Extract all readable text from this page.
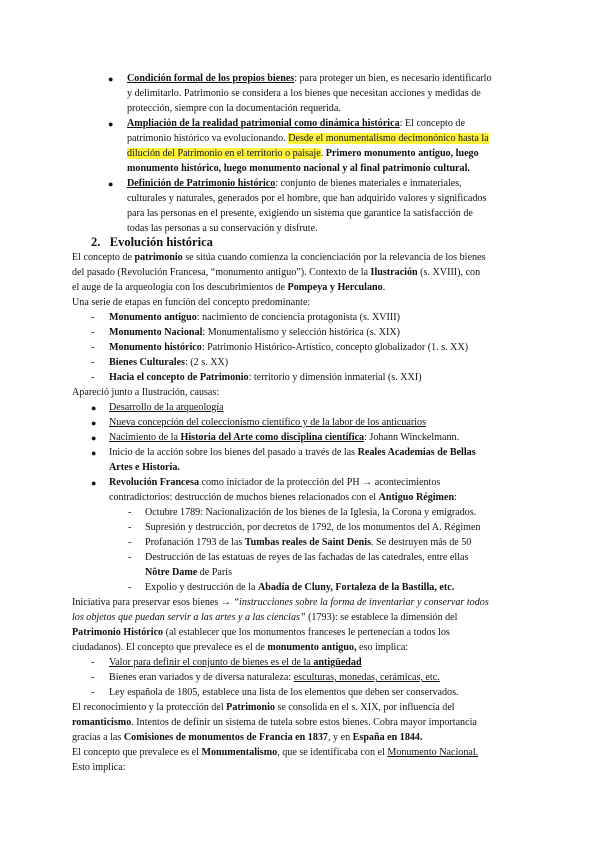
● Condición formal de los propios bienes: para proteger un bien, es necesario identificarlo
y delimitarlo. Patrimonio se considera a los bienes que necesitan acciones y medidas de
protección, siempre con la documentación requerida.
● Ampliación de la realidad patrimonial como dinámica histórica: El concepto de
patrimonio histórico va evolucionando. Desde el monumentalismo decimonónico hasta la
dilución del Patrimonio en el territorio o paisaje. Primero monumento antiguo, luego
monumento histórico, luego monumento nacional y al final patrimonio cultural.
● Definición de Patrimonio histórico: conjunto de bienes materiales e inmateriales,
culturales y naturales, generados por el hombre, que han adquirido valores y significados
para las personas en el presente, exigiendo un sistema que garantice la satisfacción de
todas las personas a su conservación y disfrute.
2. Evolución histórica
El concepto de patrimonio se sitúa cuando comienza la concienciación por la relevancia de los bienes
del pasado (Revolución Francesa, “monumento antiguo”). Contexto de la Ilustración (s. XVIII), con
el auge de la arqueología con los descubrimientos de Pompeya y Herculano.
Una serie de etapas en función del concepto predominante:
- Monumento antiguo: nacimiento de conciencia protagonista (s. XVIII)
- Monumento Nacional: Monumentalismo y selección histórica (s. XIX)
- Monumento histórico: Patrimonio Histórico-Artístico, concepto globalizador (1. s. XX)
- Bienes Culturales: (2 s. XX)
- Hacia el concepto de Patrimonio: territorio y dimensión inmaterial (s. XXI)
Apareció junto a Ilustración, causas:
● Desarrollo de la arqueología
● Nueva concepción del coleccionismo científico y de la labor de los anticuarios
● Nacimiento de la Historia del Arte como disciplina científica: Johann Winckelmann.
● Inicio de la acción sobre los bienes del pasado a través de las Reales Academias de Bellas
Artes e Historia.
● Revolución Francesa como iniciador de la protección del PH → acontecimientos
contradictorios: destrucción de muchos bienes relacionados con el Antiguo Régimen:
- Octubre 1789: Nacionalización de los bienes de la Iglesia, la Corona y emigrados.
- Supresión y destrucción, por decretos de 1792, de los monumentos del A. Régimen
- Profanación 1793 de las Tumbas reales de Saint Denis. Se destruyen más de 50
- Destrucción de las estatuas de reyes de las fachadas de las catedrales, entre ellas
Nôtre Dame de París
- Expolio y destrucción de la Abadía de Cluny, Fortaleza de la Bastilla, etc.
Iniciativa para preservar esos bienes → “instrucciones sobre la forma de inventariar y conservar todos
los objetos que puedan servir a las artes y a las ciencias” (1793): se establece la dimensión del
Patrimonio Histórico (al establecer que los monumentos franceses le pertenecían a todos los
ciudadanos). El concepto que prevalece es el de monumento antiguo, eso implica:
- Valor para definir el conjunto de bienes es el de la antigüedad
- Bienes eran variados y de diversa naturaleza: esculturas, monedas, cerámicas, etc.
- Ley española de 1805, establece una lista de los elementos que deben ser conservados.
El reconocimiento y la protección del Patrimonio se consolida en el s. XIX, por influencia del
romanticismo. Intentos de definir un sistema de tutela sobre estos bienes. Cobra mayor importancia
gracias a las Comisiones de monumentos de Francia en 1837, y en España en 1844.
El concepto que prevalece es el Monumentalismo, que se identificaba con el Monumento Nacional.
Esto implica:
